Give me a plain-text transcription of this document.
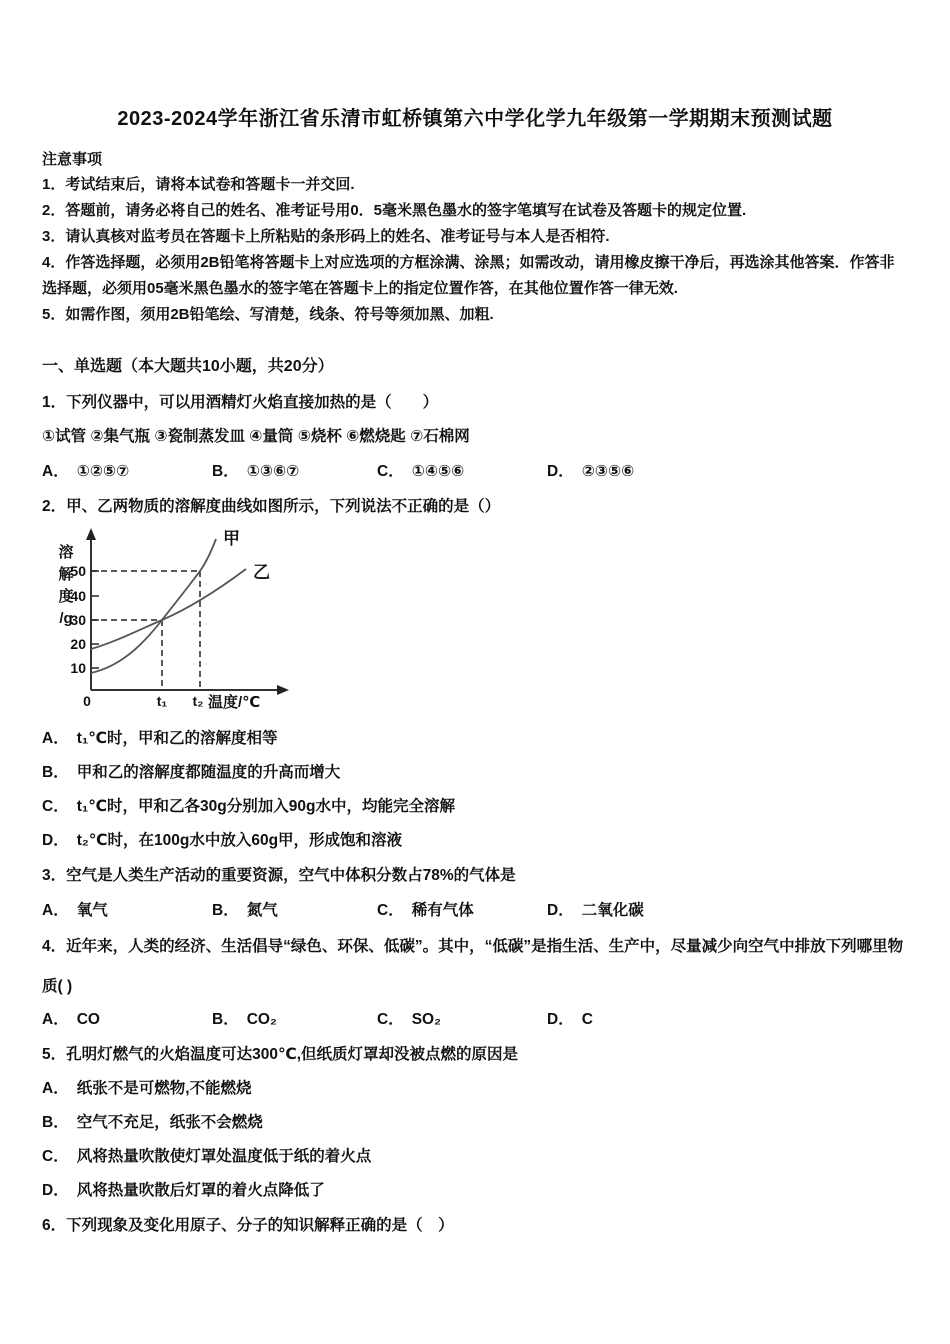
2023-2024学年浙江省乐清市虹桥镇第六中学化学九年级第一学期期末预测试题
注意事项

1．考试结束后，请将本试卷和答题卡一并交回.

2．答题前，请务必将自己的姓名、准考证号用0．5毫米黑色墨水的签字笔填写在试卷及答题卡的规定位置.

3．请认真核对监考员在答题卡上所粘贴的条形码上的姓名、准考证号与本人是否相符.

4．作答选择题，必须用2B铅笔将答题卡上对应选项的方框涂满、涂黑；如需改动，请用橡皮擦干净后，再选涂其他答案．作答非选择题，必须用05毫米黑色墨水的签字笔在答题卡上的指定位置作答，在其他位置作答一律无效.

5．如需作图，须用2B铅笔绘、写清楚，线条、符号等须加黑、加粗.

一、单选题（本大题共10小题，共20分）
1．下列仪器中，可以用酒精灯火焰直接加热的是（　　）
①试管 ②集气瓶 ③瓷制蒸发皿 ④量筒 ⑤烧杯 ⑥燃烧匙 ⑦石棉网
A． ①②⑤⑦	B． ①③⑥⑦	C． ①④⑤⑥	D． ②③⑤⑥
2．甲、乙两物质的溶解度曲线如图所示，下列说法不正确的是（）
50
40
30
20
10
溶
解
度
/g
0	t₁ t₂ 温度/℃
甲
乙
A． t₁℃时，甲和乙的溶解度相等
B． 甲和乙的溶解度都随温度的升高而增大
C． t₁℃时，甲和乙各30g分别加入90g水中，均能完全溶解
D． t₂℃时，在100g水中放入60g甲，形成饱和溶液
3．空气是人类生产活动的重要资源，空气中体积分数占78%的气体是
A． 氧气	B． 氮气	C． 稀有气体	D． 二氧化碳
4．近年来，人类的经济、生活倡导“绿色、环保、低碳”。其中，“低碳”是指生活、生产中，尽量减少向空气中排放下列哪里物质( )
A． CO	B． CO₂	C． SO₂	D． C
5．孔明灯燃气的火焰温度可达300℃,但纸质灯罩却没被点燃的原因是
A． 纸张不是可燃物,不能燃烧
B． 空气不充足，纸张不会燃烧
C． 风将热量吹散使灯罩处温度低于纸的着火点
D． 风将热量吹散后灯罩的着火点降低了
6．下列现象及变化用原子、分子的知识解释正确的是（　）
